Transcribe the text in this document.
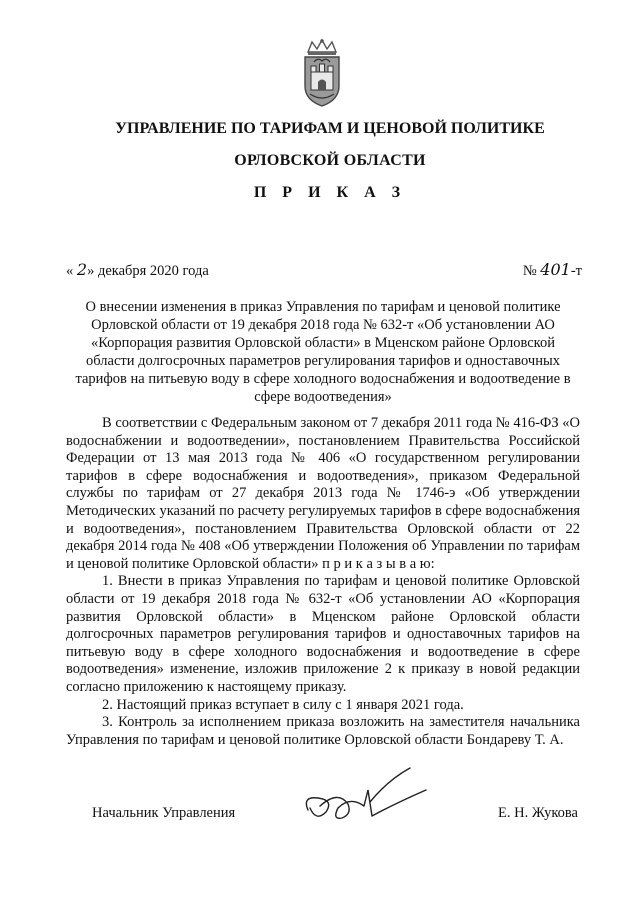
УПРАВЛЕНИЕ ПО ТАРИФАМ И ЦЕНОВОЙ ПОЛИТИКЕ
ОРЛОВСКОЙ ОБЛАСТИ
П Р И К А З
« 2» декабря 2020 года	№ 401-т
О внесении изменения в приказ Управления по тарифам и ценовой политике Орловской области от 19 декабря 2018 года № 632-т «Об установлении АО «Корпорация развития Орловской области» в Мценском районе Орловской области долгосрочных параметров регулирования тарифов и одноставочных тарифов на питьевую воду в сфере холодного водоснабжения и водоотведение в сфере водоотведения»

В соответствии с Федеральным законом от 7 декабря 2011 года № 416-ФЗ «О водоснабжении и водоотведении», постановлением Правительства Российской Федерации от 13 мая 2013 года № 406 «О государственном регулировании тарифов в сфере водоснабжения и водоотведения», приказом Федеральной службы по тарифам от 27 декабря 2013 года № 1746-э «Об утверждении Методических указаний по расчету регулируемых тарифов в сфере водоснабжения и водоотведения», постановлением Правительства Орловской области от 22 декабря 2014 года № 408 «Об утверждении Положения об Управлении по тарифам и ценовой политике Орловской области» п р и к а з ы в а ю:

1. Внести в приказ Управления по тарифам и ценовой политике Орловской области от 19 декабря 2018 года № 632-т «Об установлении АО «Корпорация развития Орловской области» в Мценском районе Орловской области долгосрочных параметров регулирования тарифов и одноставочных тарифов на питьевую воду в сфере холодного водоснабжения и водоотведение в сфере водоотведения» изменение, изложив приложение 2 к приказу в новой редакции согласно приложению к настоящему приказу.

2. Настоящий приказ вступает в силу с 1 января 2021 года.

3. Контроль за исполнением приказа возложить на заместителя начальника Управления по тарифам и ценовой политике Орловской области Бондареву Т. А.

Начальник Управления	Е. Н. Жукова
